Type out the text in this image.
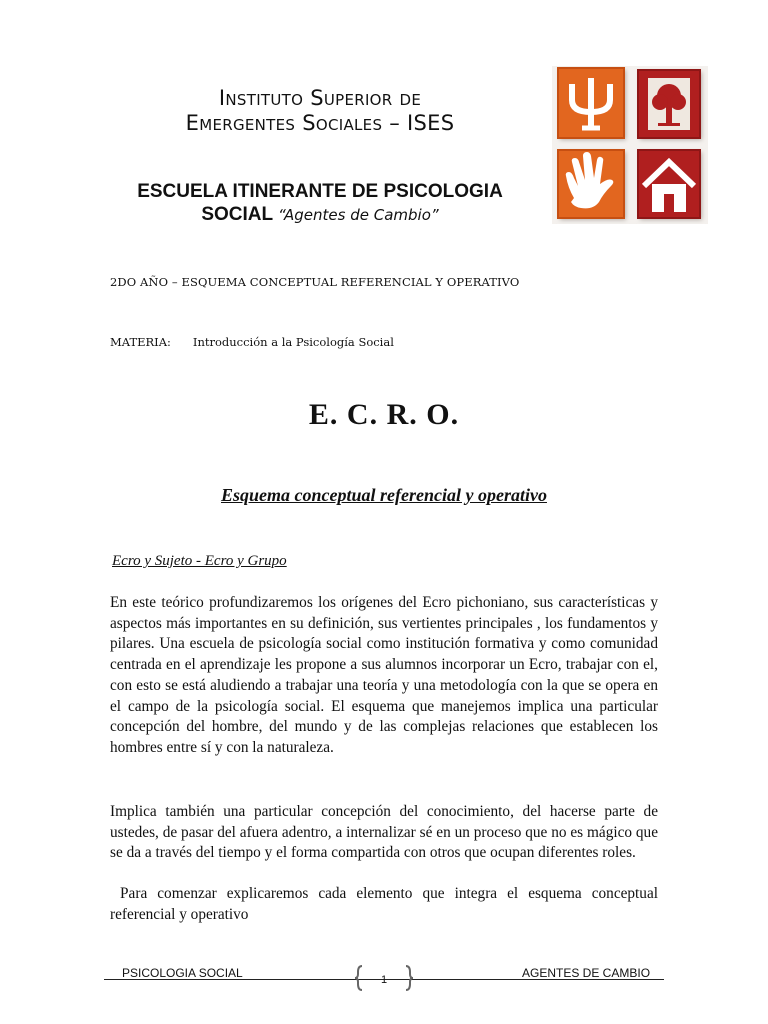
Instituto Superior de
Emergentes Sociales – ISES
ESCUELA ITINERANTE DE PSICOLOGIA
SOCIAL “Agentes de Cambio”
2DO AÑO – ESQUEMA CONCEPTUAL REFERENCIAL Y OPERATIVO
MATERIA: Introducción a la Psicología Social
E. C. R. O.
Esquema conceptual referencial y operativo
Ecro y Sujeto - Ecro y Grupo
En este teórico profundizaremos los orígenes del Ecro pichoniano, sus características y aspectos más importantes en su definición, sus vertientes principales , los fundamentos y pilares. Una escuela de psicología social como institución formativa y como comunidad centrada en el aprendizaje les propone a sus alumnos incorporar un Ecro, trabajar con el, con esto se está aludiendo a trabajar una teoría y una metodología con la que se opera en el campo de la psicología social. El esquema que manejemos implica una particular concepción del hombre, del mundo y de las complejas relaciones que establecen los hombres entre sí y con la naturaleza.
Implica también una particular concepción del conocimiento, del hacerse parte de ustedes, de pasar del afuera adentro, a internalizar sé en un proceso que no es mágico que se da a través del tiempo y el forma compartida con otros que ocupan diferentes roles.
Para comenzar explicaremos cada elemento que integra el esquema conceptual referencial y operativo
PSICOLOGIA SOCIAL	AGENTES DE CAMBIO
1
